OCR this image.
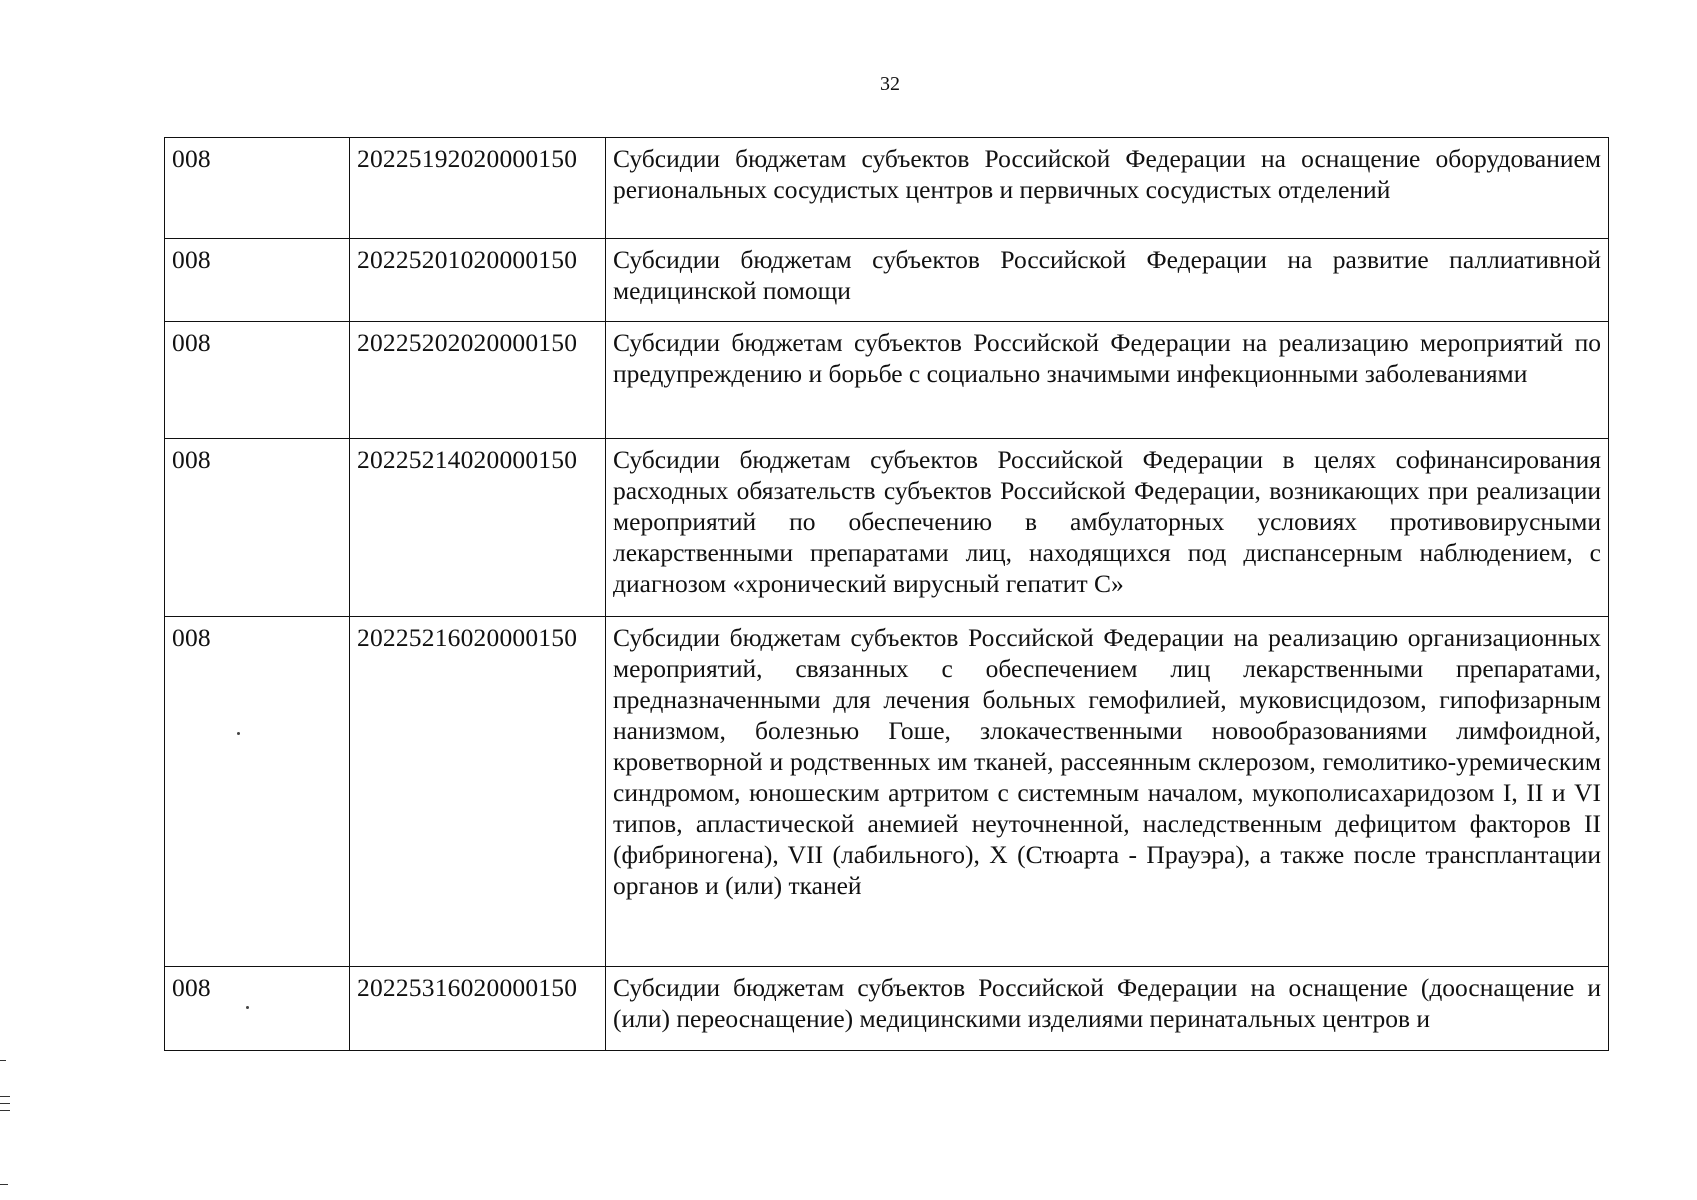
32
008	20225192020000150	Субсидии бюджетам субъектов Российской Федерации на оснащение оборудованием региональных сосудистых центров и первичных сосудистых отделений
008	20225201020000150	Субсидии бюджетам субъектов Российской Федерации на развитие паллиативной медицинской помощи
008	20225202020000150	Субсидии бюджетам субъектов Российской Федерации на реализацию мероприятий по предупреждению и борьбе с социально значимыми инфекционными заболеваниями
008	20225214020000150	Субсидии бюджетам субъектов Российской Федерации в целях софинансирования расходных обязательств субъектов Российской Федерации, возникающих при реализации мероприятий по обеспечению в амбулаторных условиях противовирусными лекарственными препаратами лиц, находящихся под диспансерным наблюдением, с диагнозом «хронический вирусный гепатит С»
008	20225216020000150	Субсидии бюджетам субъектов Российской Федерации на реализацию организационных мероприятий, связанных с обеспечением лиц лекарственными препаратами, предназначенными для лечения больных гемофилией, муковисцидозом, гипофизарным нанизмом, болезнью Гоше, злокачественными новообразованиями лимфоидной, кроветворной и родственных им тканей, рассеянным склерозом, гемолитико-уремическим синдромом, юношеским артритом с системным началом, мукополисахаридозом I, II и VI типов, апластической анемией неуточненной, наследственным дефицитом факторов II (фибриногена), VII (лабильного), X (Стюарта - Прауэра), а также после трансплантации органов и (или) тканей
008	20225316020000150	Субсидии бюджетам субъектов Российской Федерации на оснащение (дооснащение и (или) переоснащение) медицинскими изделиями перинатальных центров и
